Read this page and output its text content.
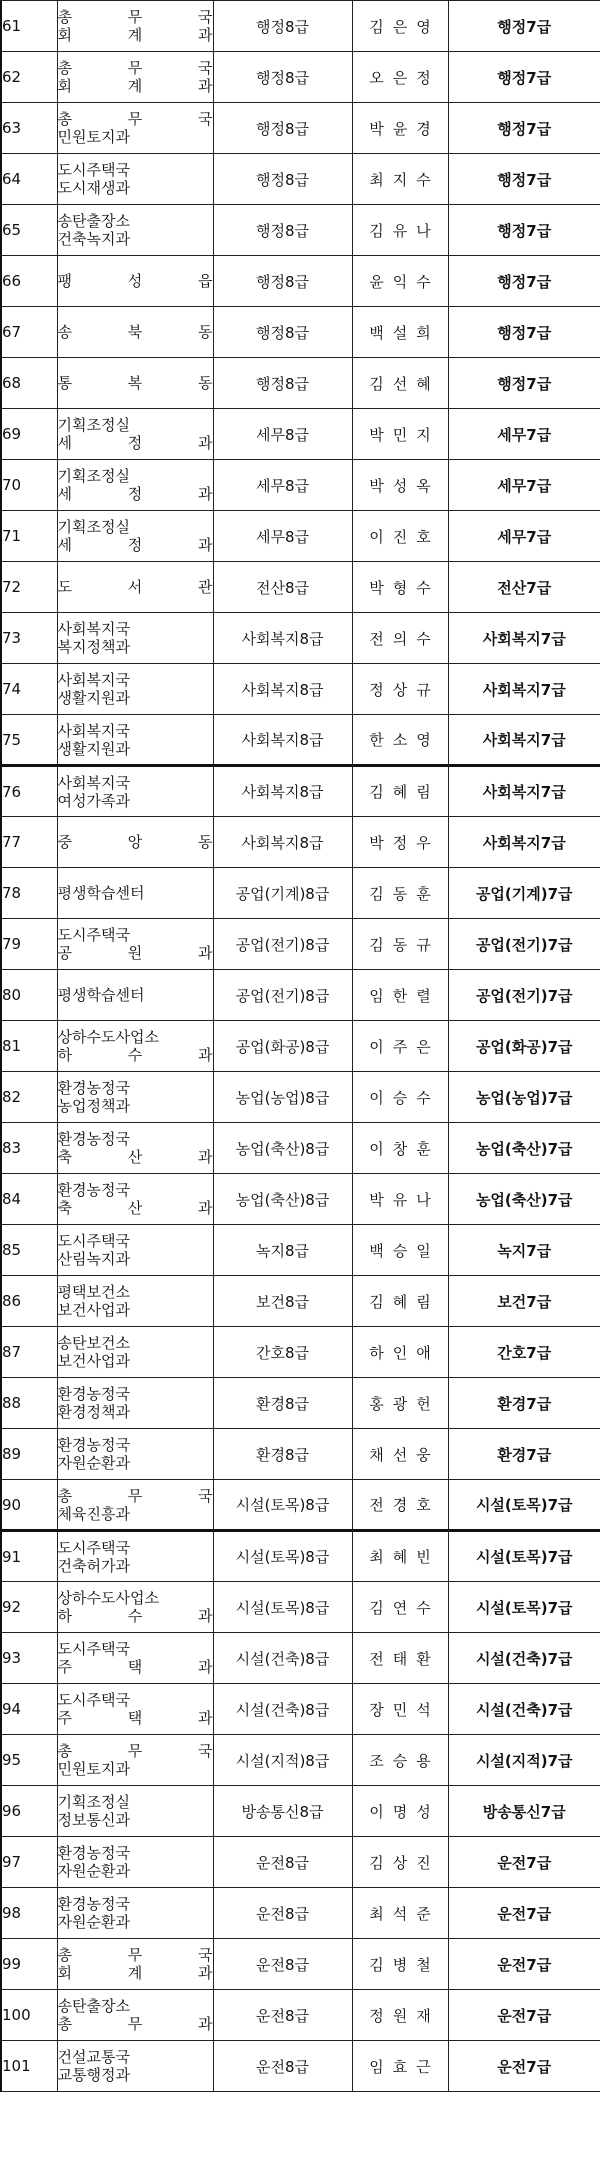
61	총 무 국
회 계 과	행정8급	김은영	행정7급
62	총 무 국
회 계 과	행정8급	오은정	행정7급
63	총 무 국
민원토지과	행정8급	박윤경	행정7급
64	도시주택국
도시재생과	행정8급	최지수	행정7급
65	송탄출장소
건축녹지과	행정8급	김유나	행정7급
66	팽 성 읍	행정8급	윤익수	행정7급
67	송 북 동	행정8급	백설희	행정7급
68	통 복 동	행정8급	김선혜	행정7급
69	기획조정실
세 정 과	세무8급	박민지	세무7급
70	기획조정실
세 정 과	세무8급	박성옥	세무7급
71	기획조정실
세 정 과	세무8급	이진호	세무7급
72	도 서 관	전산8급	박형수	전산7급
73	사회복지국
복지정책과	사회복지8급	전의수	사회복지7급
74	사회복지국
생활지원과	사회복지8급	정상규	사회복지7급
75	사회복지국
생활지원과	사회복지8급	한소영	사회복지7급
76	사회복지국
여성가족과	사회복지8급	김혜림	사회복지7급
77	중 앙 동	사회복지8급	박정우	사회복지7급
78	평생학습센터	공업(기계)8급	김동훈	공업(기계)7급
79	도시주택국
공 원 과	공업(전기)8급	김동규	공업(전기)7급
80	평생학습센터	공업(전기)8급	임한렬	공업(전기)7급
81	상하수도사업소
하 수 과	공업(화공)8급	이주은	공업(화공)7급
82	환경농정국
농업정책과	농업(농업)8급	이승수	농업(농업)7급
83	환경농정국
축 산 과	농업(축산)8급	이창훈	농업(축산)7급
84	환경농정국
축 산 과	농업(축산)8급	박유나	농업(축산)7급
85	도시주택국
산림녹지과	녹지8급	백승일	녹지7급
86	평택보건소
보건사업과	보건8급	김혜림	보건7급
87	송탄보건소
보건사업과	간호8급	하인애	간호7급
88	환경농정국
환경정책과	환경8급	홍광헌	환경7급
89	환경농정국
자원순환과	환경8급	채선웅	환경7급
90	총 무 국
체육진흥과	시설(토목)8급	전경호	시설(토목)7급
91	도시주택국
건축허가과	시설(토목)8급	최혜빈	시설(토목)7급
92	상하수도사업소
하 수 과	시설(토목)8급	김연수	시설(토목)7급
93	도시주택국
주 택 과	시설(건축)8급	전태환	시설(건축)7급
94	도시주택국
주 택 과	시설(건축)8급	장민석	시설(건축)7급
95	총 무 국
민원토지과	시설(지적)8급	조승용	시설(지적)7급
96	기획조정실
정보통신과	방송통신8급	이명성	방송통신7급
97	환경농정국
자원순환과	운전8급	김상진	운전7급
98	환경농정국
자원순환과	운전8급	최석준	운전7급
99	총 무 국
회 계 과	운전8급	김병철	운전7급
100	송탄출장소
총 무 과	운전8급	정원재	운전7급
101	건설교통국
교통행정과	운전8급	임효근	운전7급
